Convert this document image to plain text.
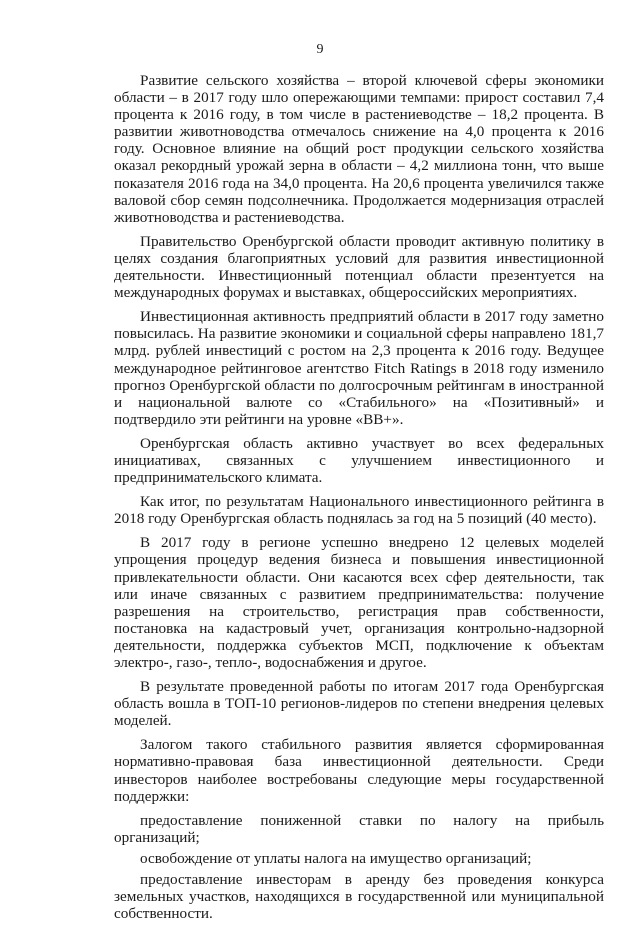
9

Развитие сельского хозяйства – второй ключевой сферы экономики области – в 2017 году шло опережающими темпами: прирост составил 7,4 процента к 2016 году, в том числе в растениеводстве – 18,2 процента. В развитии животноводства отмечалось снижение на 4,0 процента к 2016 году. Основное влияние на общий рост продукции сельского хозяйства оказал рекордный урожай зерна в области – 4,2 миллиона тонн, что выше показателя 2016 года на 34,0 процента. На 20,6 процента увеличился также валовой сбор семян подсолнечника. Продолжается модернизация отраслей животноводства и растениеводства.

Правительство Оренбургской области проводит активную политику в целях создания благоприятных условий для развития инвестиционной деятельности. Инвестиционный потенциал области презентуется на международных форумах и выставках, общероссийских мероприятиях.

Инвестиционная активность предприятий области в 2017 году заметно повысилась. На развитие экономики и социальной сферы направлено 181,7 млрд. рублей инвестиций с ростом на 2,3 процента к 2016 году. Ведущее международное рейтинговое агентство Fitch Ratings в 2018 году изменило прогноз Оренбургской области по долгосрочным рейтингам в иностранной и национальной валюте со «Стабильного» на «Позитивный» и подтвердило эти рейтинги на уровне «BB+».

Оренбургская область активно участвует во всех федеральных инициативах, связанных с улучшением инвестиционного и предпринимательского климата.

Как итог, по результатам Национального инвестиционного рейтинга в 2018 году Оренбургская область поднялась за год на 5 позиций (40 место).

В 2017 году в регионе успешно внедрено 12 целевых моделей упрощения процедур ведения бизнеса и повышения инвестиционной привлекательности области. Они касаются всех сфер деятельности, так или иначе связанных с развитием предпринимательства: получение разрешения на строительство, регистрация прав собственности, постановка на кадастровый учет, организация контрольно-надзорной деятельности, поддержка субъектов МСП, подключение к объектам электро-, газо-, тепло-, водоснабжения и другое.

В результате проведенной работы по итогам 2017 года Оренбургская область вошла в ТОП-10 регионов-лидеров по степени внедрения целевых моделей.

Залогом такого стабильного развития является сформированная нормативно-правовая база инвестиционной деятельности. Среди инвесторов наиболее востребованы следующие меры государственной поддержки:

предоставление пониженной ставки по налогу на прибыль организаций;

освобождение от уплаты налога на имущество организаций;

предоставление инвесторам в аренду без проведения конкурса земельных участков, находящихся в государственной или муниципальной собственности.
